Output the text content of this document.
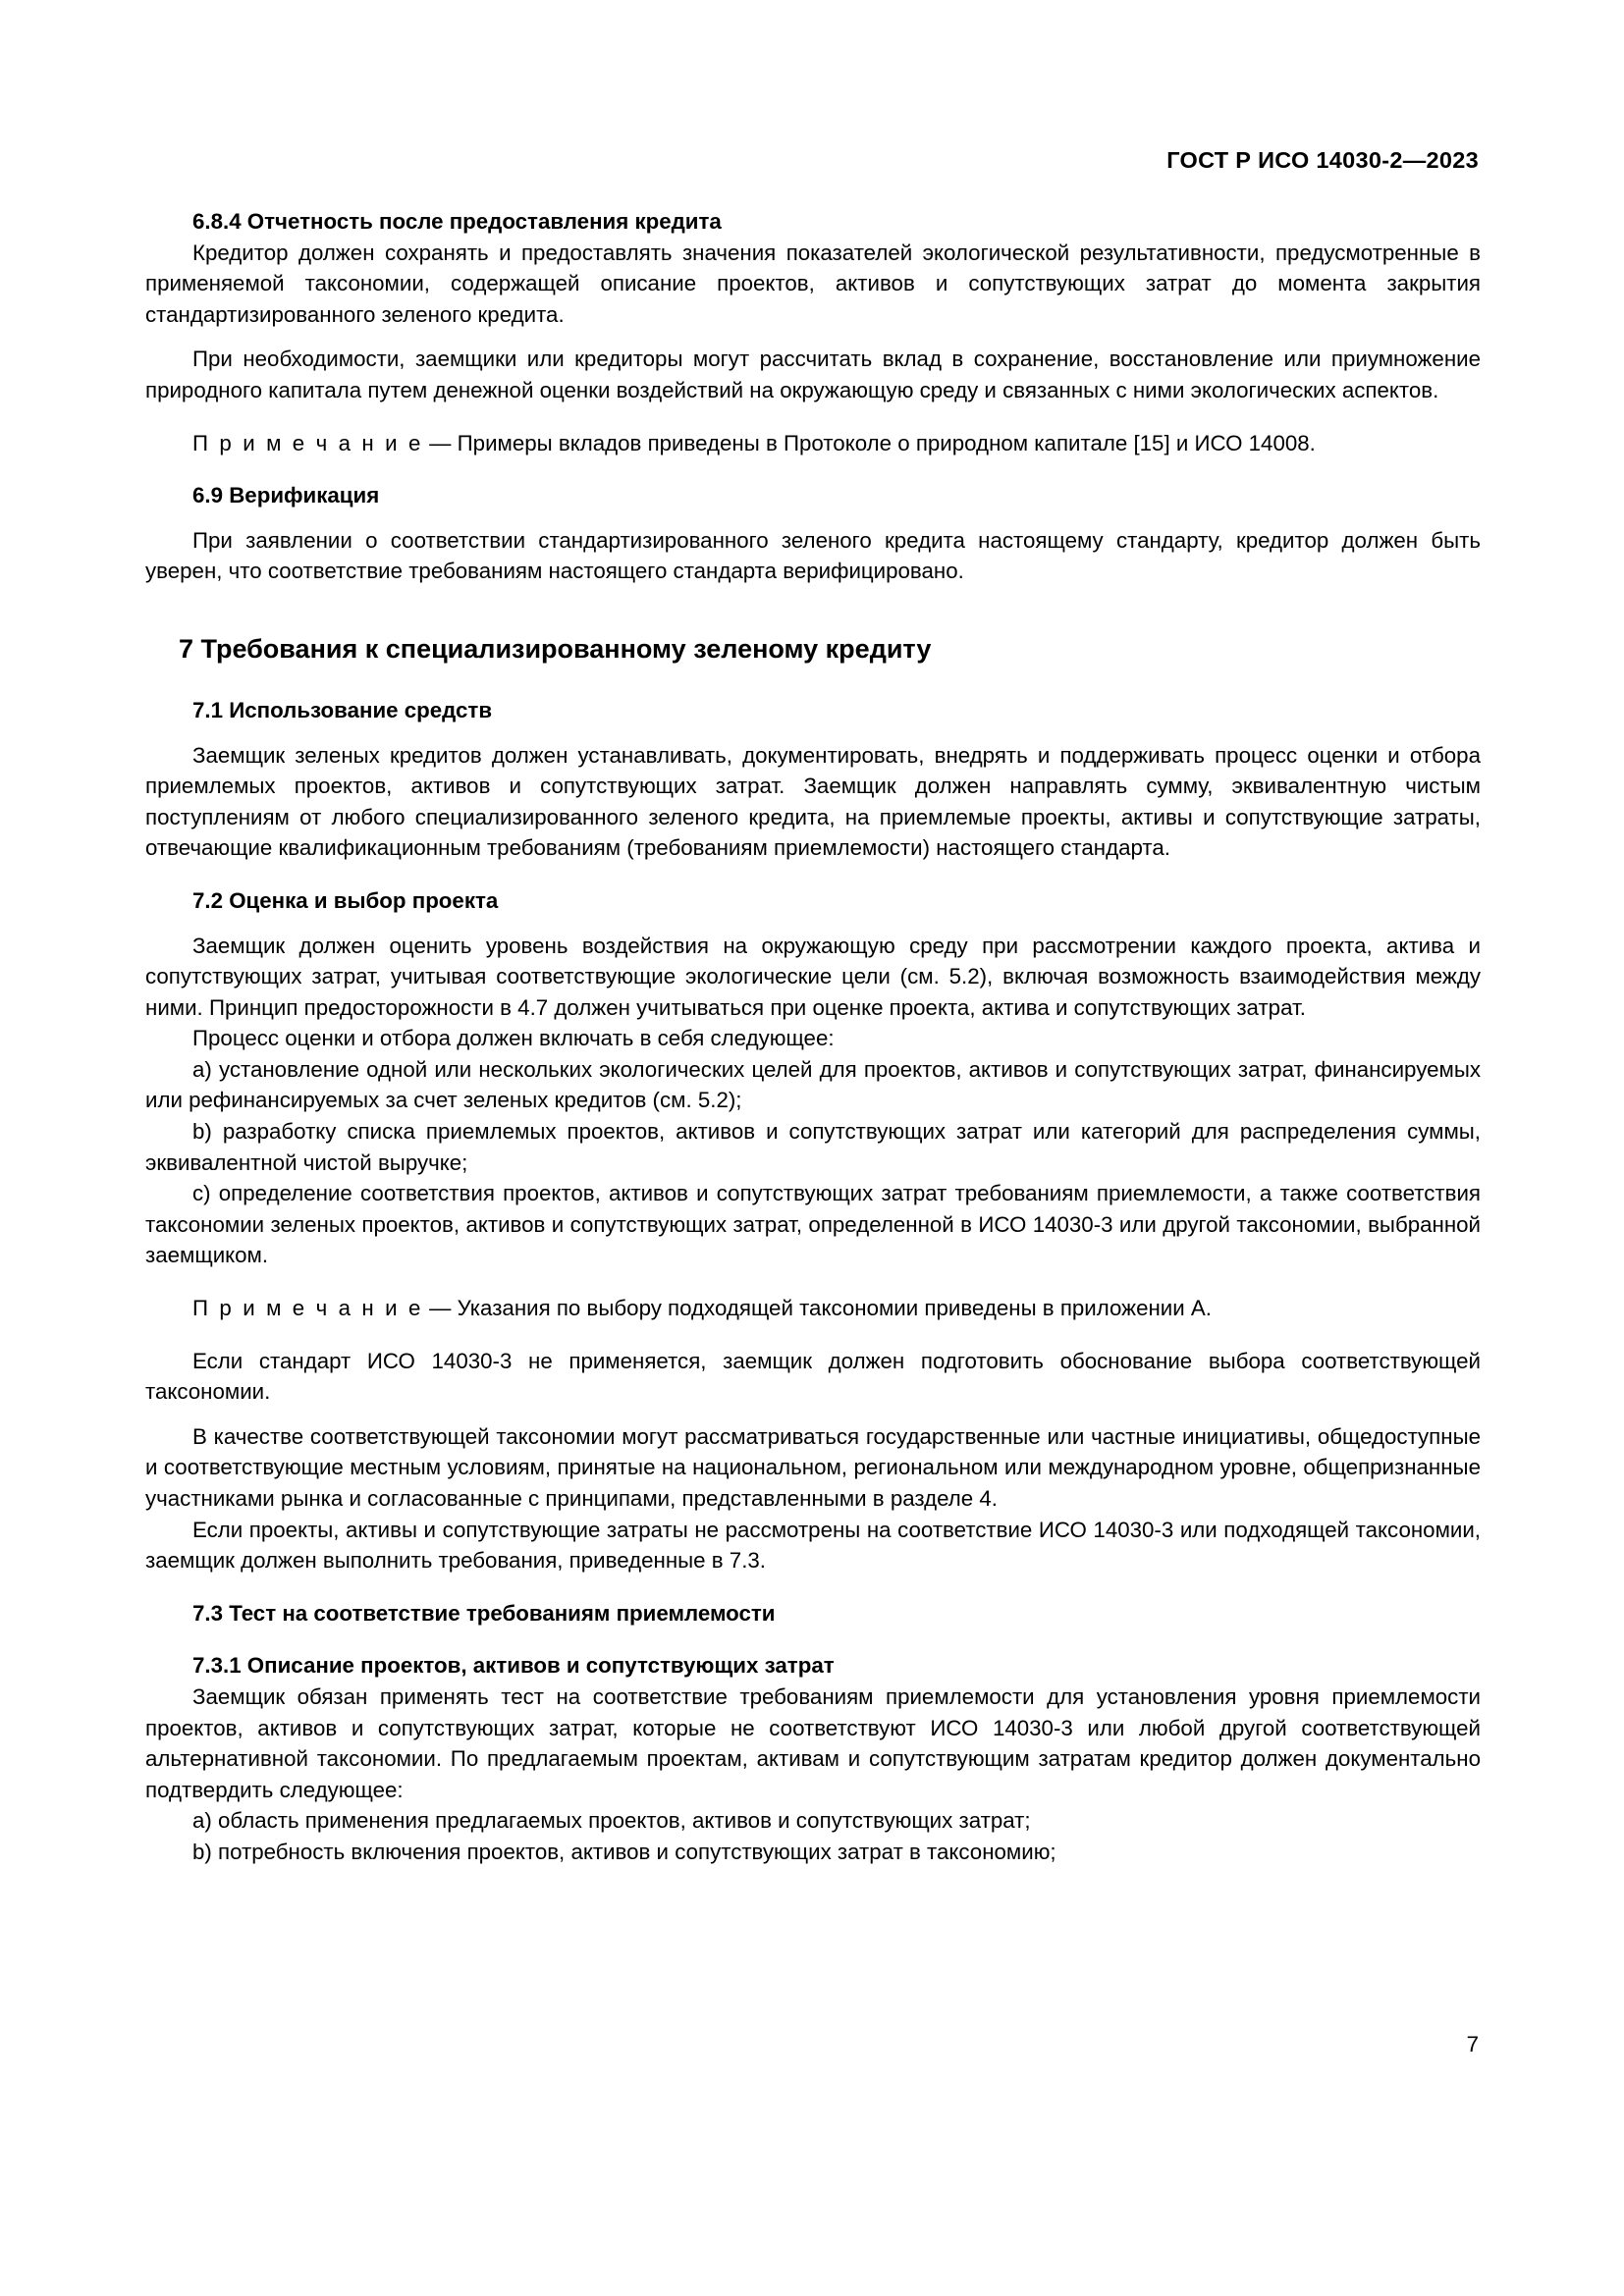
ГОСТ Р ИСО 14030-2—2023

6.8.4 Отчетность после предоставления кредита

Кредитор должен сохранять и предоставлять значения показателей экологической результативности, предусмотренные в применяемой таксономии, содержащей описание проектов, активов и сопутствующих затрат до момента закрытия стандартизированного зеленого кредита.

При необходимости, заемщики или кредиторы могут рассчитать вклад в сохранение, восстановление или приумножение природного капитала путем денежной оценки воздействий на окружающую среду и связанных с ними экологических аспектов.

П р и м е ч а н и е — Примеры вкладов приведены в Протоколе о природном капитале [15] и ИСО 14008.

6.9 Верификация

При заявлении о соответствии стандартизированного зеленого кредита настоящему стандарту, кредитор должен быть уверен, что соответствие требованиям настоящего стандарта верифицировано.

7 Требования к специализированному зеленому кредиту

7.1 Использование средств

Заемщик зеленых кредитов должен устанавливать, документировать, внедрять и поддерживать процесс оценки и отбора приемлемых проектов, активов и сопутствующих затрат. Заемщик должен направлять сумму, эквивалентную чистым поступлениям от любого специализированного зеленого кредита, на приемлемые проекты, активы и сопутствующие затраты, отвечающие квалификационным требованиям (требованиям приемлемости) настоящего стандарта.

7.2 Оценка и выбор проекта

Заемщик должен оценить уровень воздействия на окружающую среду при рассмотрении каждого проекта, актива и сопутствующих затрат, учитывая соответствующие экологические цели (см. 5.2), включая возможность взаимодействия между ними. Принцип предосторожности в 4.7 должен учитываться при оценке проекта, актива и сопутствующих затрат.

Процесс оценки и отбора должен включать в себя следующее:

a) установление одной или нескольких экологических целей для проектов, активов и сопутствующих затрат, финансируемых или рефинансируемых за счет зеленых кредитов (см. 5.2);

b) разработку списка приемлемых проектов, активов и сопутствующих затрат или категорий для распределения суммы, эквивалентной чистой выручке;

c) определение соответствия проектов, активов и сопутствующих затрат требованиям приемлемости, а также соответствия таксономии зеленых проектов, активов и сопутствующих затрат, определенной в ИСО 14030-3 или другой таксономии, выбранной заемщиком.

П р и м е ч а н и е — Указания по выбору подходящей таксономии приведены в приложении А.

Если стандарт ИСО 14030-3 не применяется, заемщик должен подготовить обоснование выбора соответствующей таксономии.

В качестве соответствующей таксономии могут рассматриваться государственные или частные инициативы, общедоступные и соответствующие местным условиям, принятые на национальном, региональном или международном уровне, общепризнанные участниками рынка и согласованные с принципами, представленными в разделе 4.

Если проекты, активы и сопутствующие затраты не рассмотрены на соответствие ИСО 14030-3 или подходящей таксономии, заемщик должен выполнить требования, приведенные в 7.3.

7.3 Тест на соответствие требованиям приемлемости

7.3.1 Описание проектов, активов и сопутствующих затрат

Заемщик обязан применять тест на соответствие требованиям приемлемости для установления уровня приемлемости проектов, активов и сопутствующих затрат, которые не соответствуют ИСО 14030-3 или любой другой соответствующей альтернативной таксономии. По предлагаемым проектам, активам и сопутствующим затратам кредитор должен документально подтвердить следующее:

a) область применения предлагаемых проектов, активов и сопутствующих затрат;

b) потребность включения проектов, активов и сопутствующих затрат в таксономию;

7
